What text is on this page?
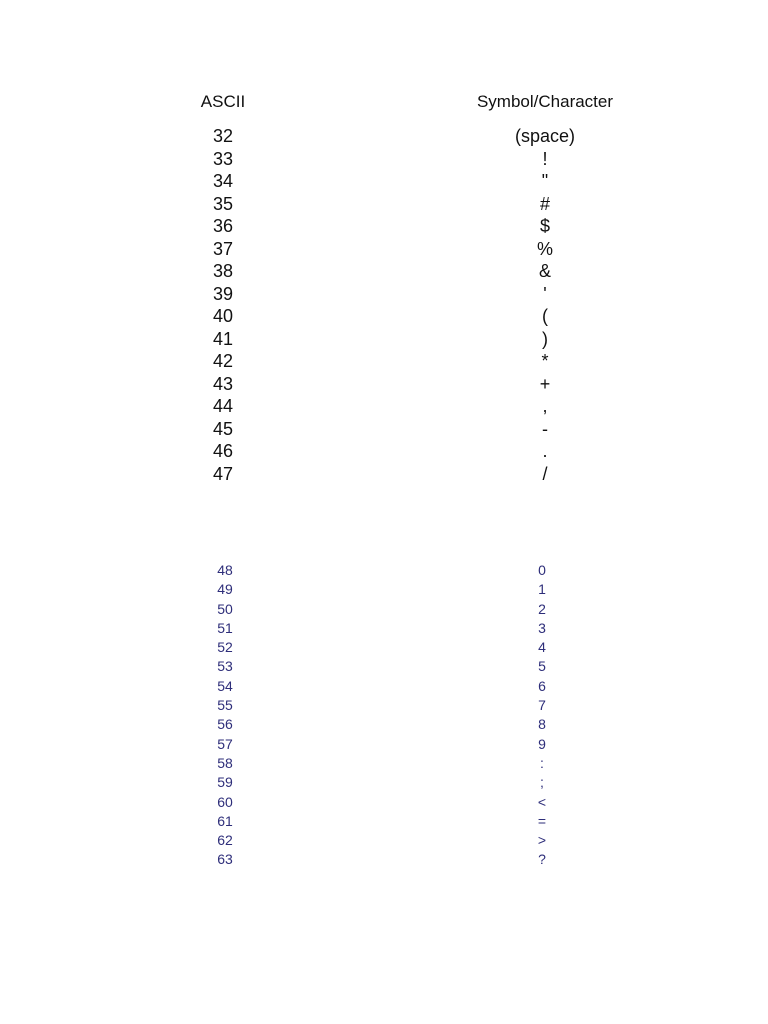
ASCII	Symbol/Character
32	(space)
33	!
34	"
35	#
36	$
37	%
38	&
39	'
40	(
41	)
42	*
43	+
44	,
45	-
46	.
47	/
48	0
49	1
50	2
51	3
52	4
53	5
54	6
55	7
56	8
57	9
58	:
59	;
60	<
61	=
62	>
63	?
